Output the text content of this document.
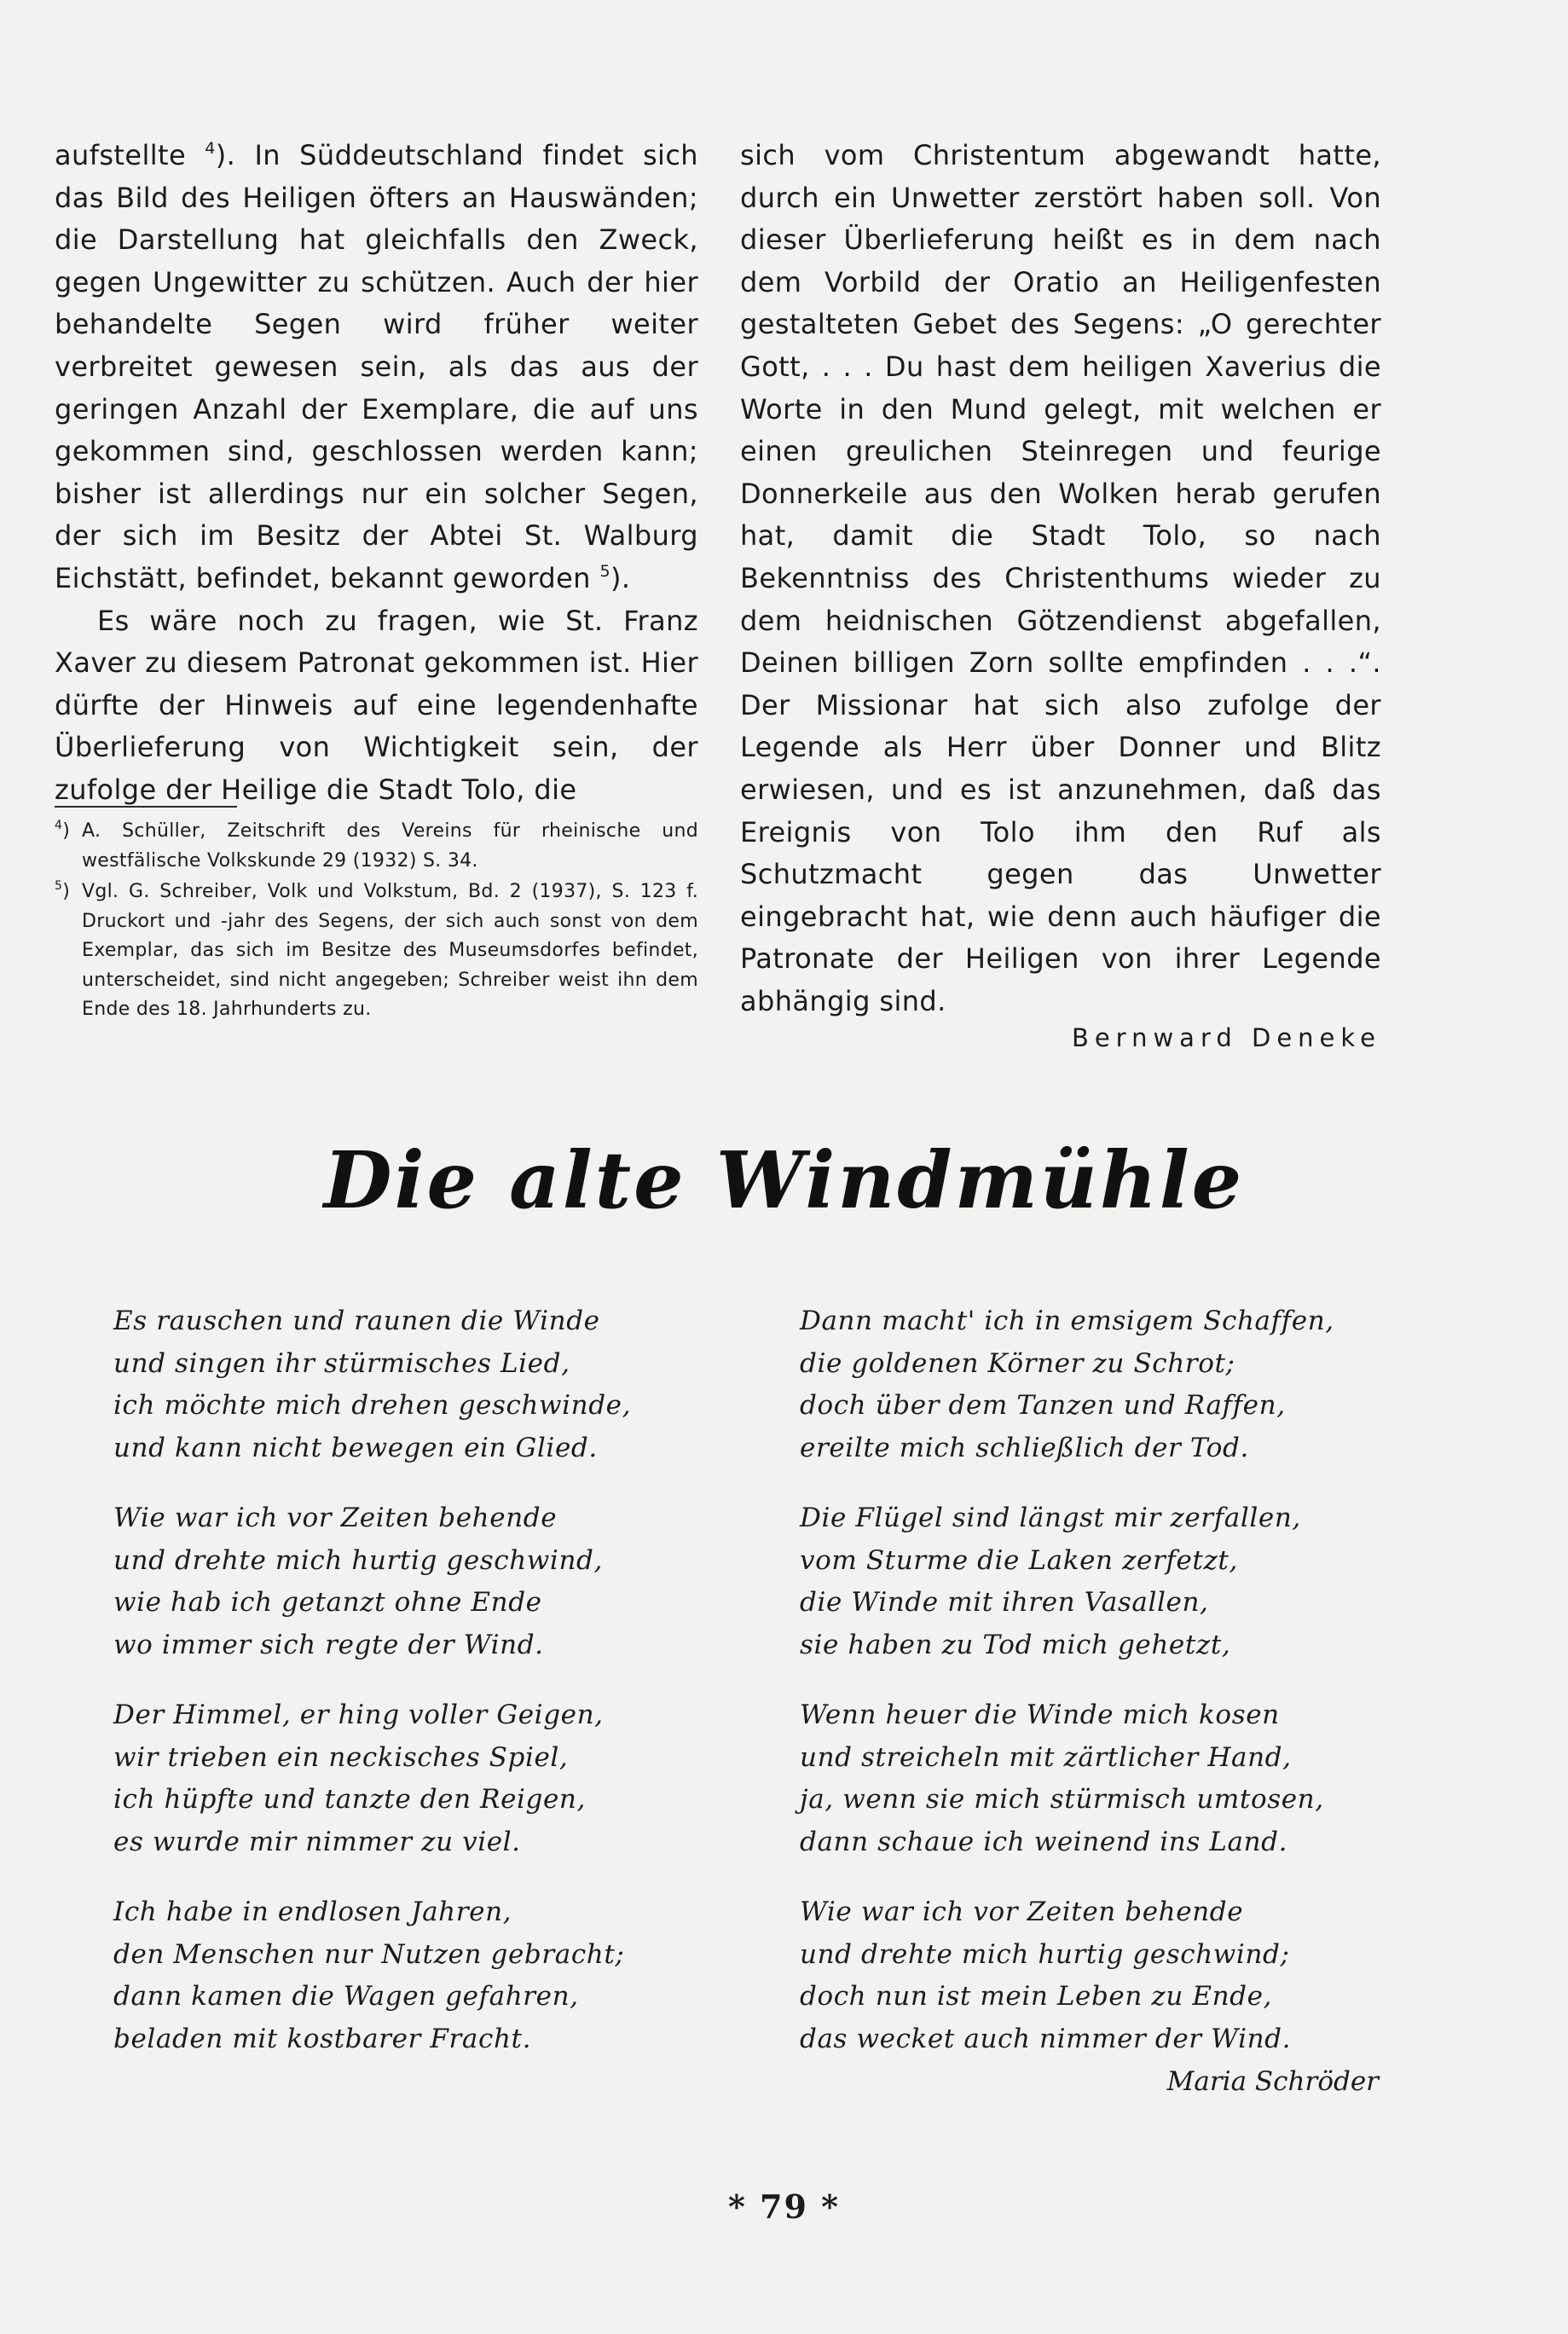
aufstellte $^4$). In Süddeutschland findet sich das Bild des Heiligen öfters an Hauswänden; die Darstellung hat gleichfalls den Zweck, gegen Ungewitter zu schützen. Auch der hier behandelte Segen wird früher weiter verbreitet gewesen sein, als das aus der geringen Anzahl der Exemplare, die auf uns gekommen sind, geschlossen werden kann; bisher ist allerdings nur ein solcher Segen, der sich im Besitz der Abtei St. Walburg Eichstätt, befindet, bekannt geworden $^5$).

Es wäre noch zu fragen, wie St. Franz Xaver zu diesem Patronat gekommen ist. Hier dürfte der Hinweis auf eine legendenhafte Überlieferung von Wichtigkeit sein, der zufolge der Heilige die Stadt Tolo, die

$^4$) A. Schüller, Zeitschrift des Vereins für rheinische und westfälische Volkskunde 29 (1932) S. 34.

$^5$) Vgl. G. Schreiber, Volk und Volkstum, Bd. 2 (1937), S. 123 f. Druckort und -jahr des Segens, der sich auch sonst von dem Exemplar, das sich im Besitze des Museumsdorfes befindet, unterscheidet, sind nicht angegeben; Schreiber weist ihn dem Ende des 18. Jahrhunderts zu.

sich vom Christentum abgewandt hatte, durch ein Unwetter zerstört haben soll. Von dieser Überlieferung heißt es in dem nach dem Vorbild der Oratio an Heiligenfesten gestalteten Gebet des Segens: „O gerechter Gott, . . . Du hast dem heiligen Xaverius die Worte in den Mund gelegt, mit welchen er einen greulichen Steinregen und feurige Donnerkeile aus den Wolken herab gerufen hat, damit die Stadt Tolo, so nach Bekenntniss des Christenthums wieder zu dem heidnischen Götzendienst abgefallen, Deinen billigen Zorn sollte empfinden . . .“. Der Missionar hat sich also zufolge der Legende als Herr über Donner und Blitz erwiesen, und es ist anzunehmen, daß das Ereignis von Tolo ihm den Ruf als Schutzmacht gegen das Unwetter eingebracht hat, wie denn auch häufiger die Patronate der Heiligen von ihrer Legende abhängig sind.

Bernward Deneke
Die alte Windmühle
Es rauschen und raunen die Winde
und singen ihr stürmisches Lied,
ich möchte mich drehen geschwinde,
und kann nicht bewegen ein Glied.
Wie war ich vor Zeiten behende
und drehte mich hurtig geschwind,
wie hab ich getanzt ohne Ende
wo immer sich regte der Wind.
Der Himmel, er hing voller Geigen,
wir trieben ein neckisches Spiel,
ich hüpfte und tanzte den Reigen,
es wurde mir nimmer zu viel.
Ich habe in endlosen Jahren,
den Menschen nur Nutzen gebracht;
dann kamen die Wagen gefahren,
beladen mit kostbarer Fracht.
Dann macht' ich in emsigem Schaffen,
die goldenen Körner zu Schrot;
doch über dem Tanzen und Raffen,
ereilte mich schließlich der Tod.
Die Flügel sind längst mir zerfallen,
vom Sturme die Laken zerfetzt,
die Winde mit ihren Vasallen,
sie haben zu Tod mich gehetzt,
Wenn heuer die Winde mich kosen
und streicheln mit zärtlicher Hand,
ja, wenn sie mich stürmisch umtosen,
dann schaue ich weinend ins Land.
Wie war ich vor Zeiten behende
und drehte mich hurtig geschwind;
doch nun ist mein Leben zu Ende,
das wecket auch nimmer der Wind.
Maria Schröder
* 79 *
